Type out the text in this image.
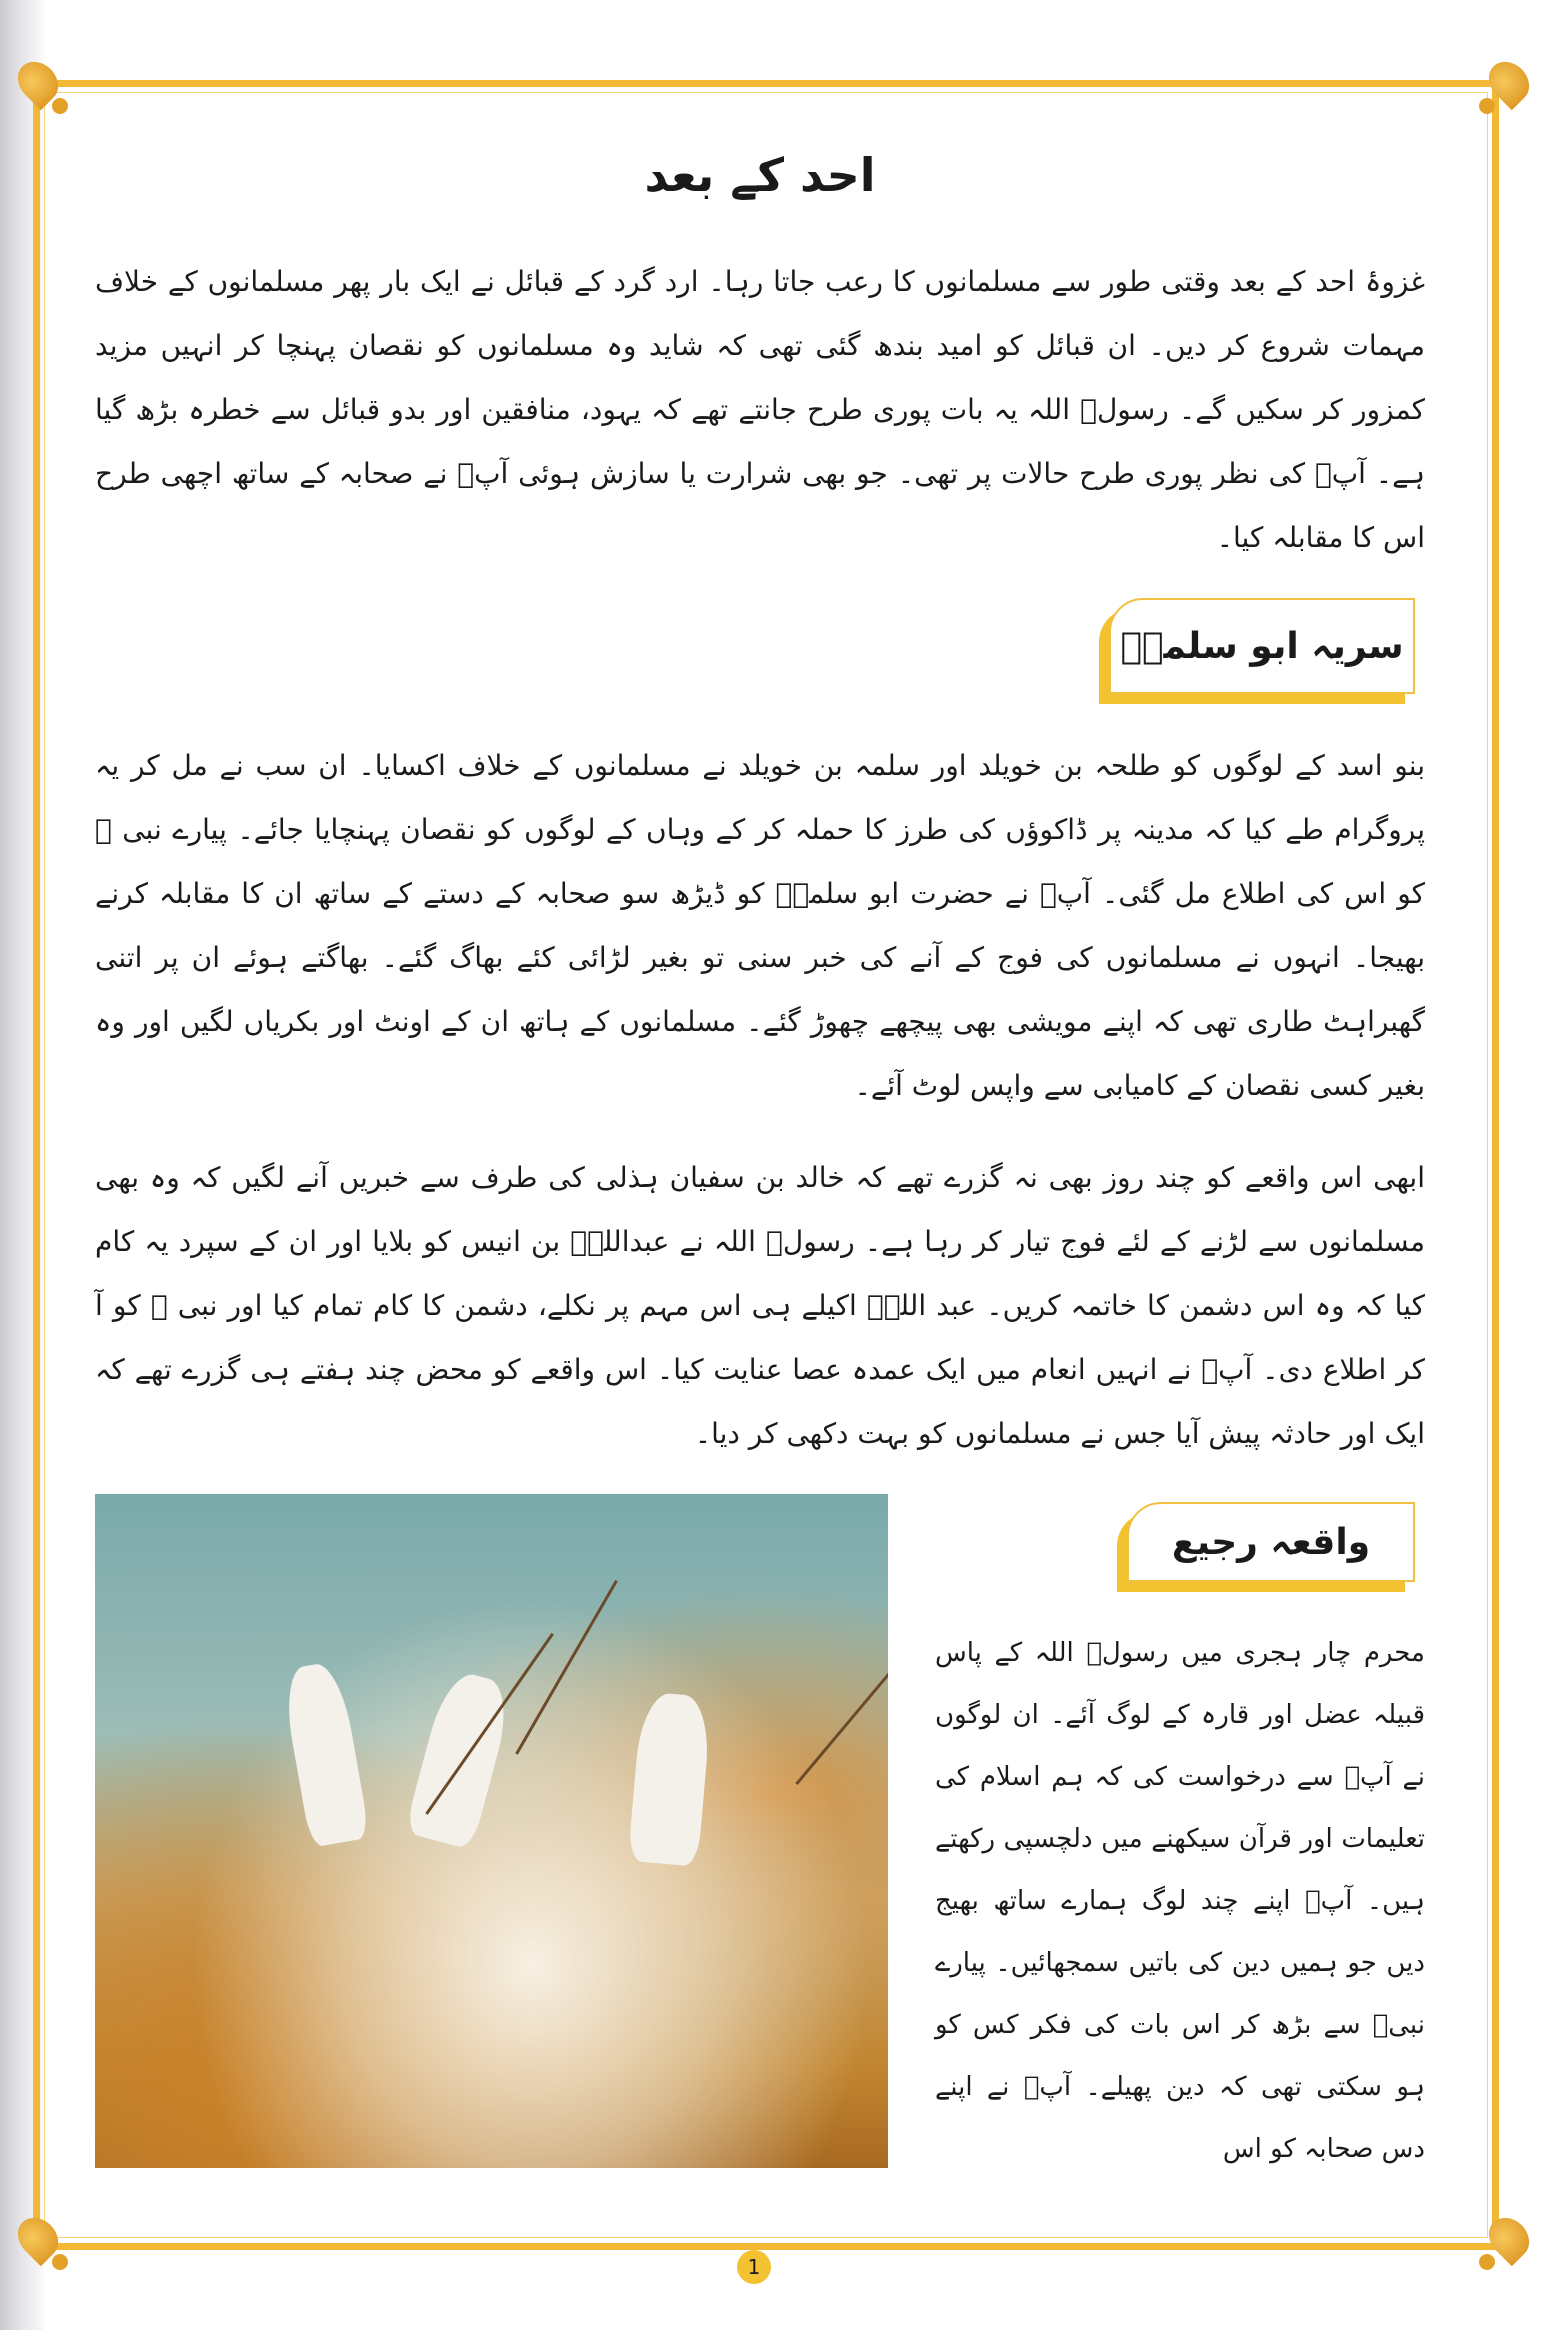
احد کے بعد
غزوۂ احد کے بعد وقتی طور سے مسلمانوں کا رعب جاتا رہا۔ ارد گرد کے قبائل نے ایک بار پھر مسلمانوں کے خلاف مہمات شروع کر دیں۔ ان قبائل کو امید بندھ گئی تھی کہ شاید وہ مسلمانوں کو نقصان پہنچا کر انہیں مزید کمزور کر سکیں گے۔ رسولؐ اللہ یہ بات پوری طرح جانتے تھے کہ یہود، منافقین اور بدو قبائل سے خطرہ بڑھ گیا ہے۔ آپؐ کی نظر پوری طرح حالات پر تھی۔ جو بھی شرارت یا سازش ہوئی آپؐ نے صحابہ کے ساتھ اچھی طرح اس کا مقابلہ کیا۔
سریہ ابو سلمہؓ
بنو اسد کے لوگوں کو طلحہ بن خویلد اور سلمہ بن خویلد نے مسلمانوں کے خلاف اکسایا۔ ان سب نے مل کر یہ پروگرام طے کیا کہ مدینہ پر ڈاکوؤں کی طرز کا حملہ کر کے وہاں کے لوگوں کو نقصان پہنچایا جائے۔ پیارے نبی ﷺ کو اس کی اطلاع مل گئی۔ آپؐ نے حضرت ابو سلمہؓ کو ڈیڑھ سو صحابہ کے دستے کے ساتھ ان کا مقابلہ کرنے بھیجا۔ انہوں نے مسلمانوں کی فوج کے آنے کی خبر سنی تو بغیر لڑائی کئے بھاگ گئے۔ بھاگتے ہوئے ان پر اتنی گھبراہٹ طاری تھی کہ اپنے مویشی بھی پیچھے چھوڑ گئے۔ مسلمانوں کے ہاتھ ان کے اونٹ اور بکریاں لگیں اور وہ بغیر کسی نقصان کے کامیابی سے واپس لوٹ آئے۔
ابھی اس واقعے کو چند روز بھی نہ گزرے تھے کہ خالد بن سفیان ہذلی کی طرف سے خبریں آنے لگیں کہ وہ بھی مسلمانوں سے لڑنے کے لئے فوج تیار کر رہا ہے۔ رسولؐ اللہ نے عبداللہؓ بن انیس کو بلایا اور ان کے سپرد یہ کام کیا کہ وہ اس دشمن کا خاتمہ کریں۔ عبد اللہؓ اکیلے ہی اس مہم پر نکلے، دشمن کا کام تمام کیا اور نبی ﷺ کو آ کر اطلاع دی۔ آپؐ نے انہیں انعام میں ایک عمدہ عصا عنایت کیا۔ اس واقعے کو محض چند ہفتے ہی گزرے تھے کہ ایک اور حادثہ پیش آیا جس نے مسلمانوں کو بہت دکھی کر دیا۔
واقعہ رجیع
محرم چار ہجری میں رسولؐ اللہ کے پاس قبیلہ عضل اور قارہ کے لوگ آئے۔ ان لوگوں نے آپؐ سے درخواست کی کہ ہم اسلام کی تعلیمات اور قرآن سیکھنے میں دلچسپی رکھتے ہیں۔ آپؐ اپنے چند لوگ ہمارے ساتھ بھیج دیں جو ہمیں دین کی باتیں سمجھائیں۔ پیارے نبیؐ سے بڑھ کر اس بات کی فکر کس کو ہو سکتی تھی کہ دین پھیلے۔ آپؐ نے اپنے دس صحابہ کو اس
1
